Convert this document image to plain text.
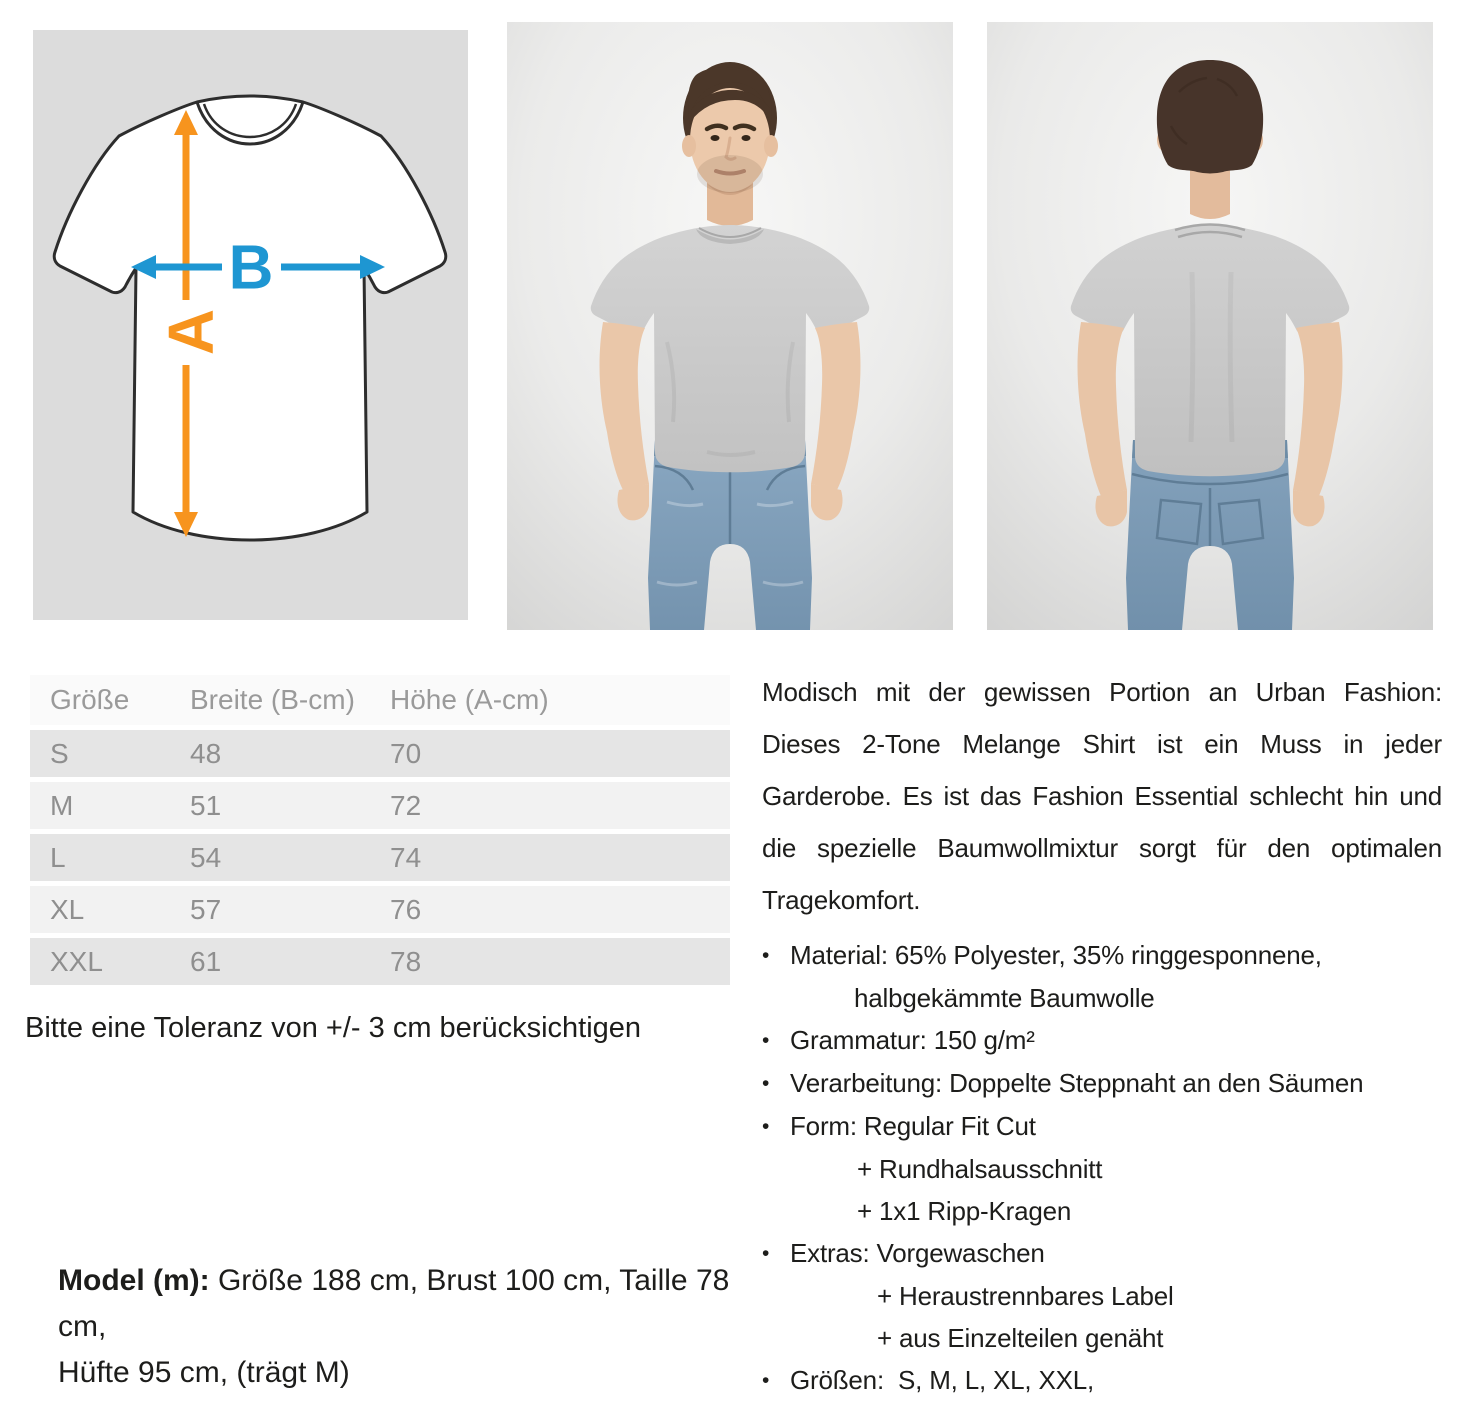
A
B
Größe	Breite (B-cm)	Höhe (A-cm)
S	48	70
M	51	72
L	54	74
XL	57	76
XXL	61	78
Bitte eine Toleranz von +/- 3 cm berücksichtigen
Model (m): Größe 188 cm, Brust 100 cm, Taille 78 cm,
Hüfte 95 cm, (trägt M)

Modisch mit der gewissen Portion an Urban Fashion: Dieses 2-Tone Melange Shirt ist ein Muss in jeder Garderobe. Es ist das Fashion Essential schlecht hin und die spezielle Baumwollmixtur sorgt für den optimalen Tragekomfort.

• Material: 65% Polyester, 35% ringgesponnene,
halbgekämmte Baumwolle
• Grammatur: 150 g/m²
• Verarbeitung: Doppelte Steppnaht an den Säumen
• Form: Regular Fit Cut
+ Rundhalsausschnitt
+ 1x1 Ripp-Kragen
• Extras: Vorgewaschen
+ Heraustrennbares Label
+ aus Einzelteilen genäht
• Größen:  S, M, L, XL, XXL,
